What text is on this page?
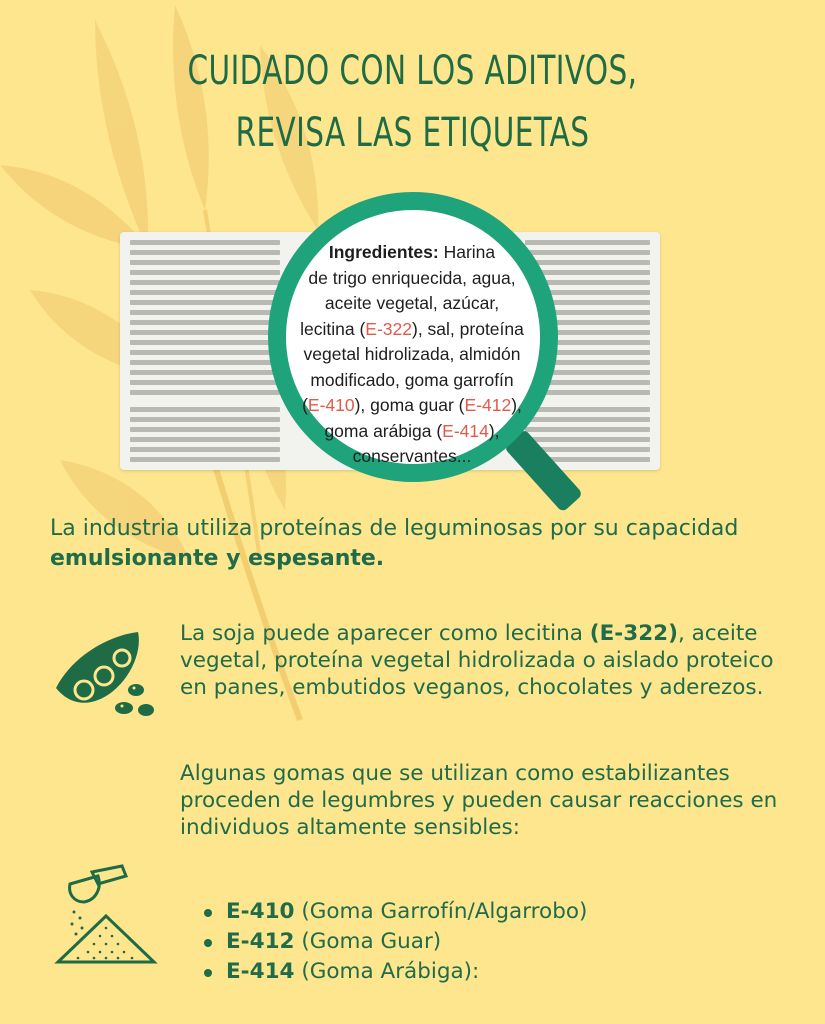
CUIDADO CON LOS ADITIVOS,
REVISA LAS ETIQUETAS
Ingredientes: Harina
de trigo enriquecida, agua,
aceite vegetal, azúcar,
lecitina (E-322), sal, proteína
vegetal hidrolizada, almidón
modificado, goma garrofín
(E-410), goma guar (E-412),
goma arábiga (E-414),
conservantes...

La industria utiliza proteínas de leguminosas por su capacidad emulsionante y espesante.

La soja puede aparecer como lecitina (E-322), aceite vegetal, proteína vegetal hidrolizada o aislado proteico en panes, embutidos veganos, chocolates y aderezos.

Algunas gomas que se utilizan como estabilizantes proceden de legumbres y pueden causar reacciones en individuos altamente sensibles:

E-410 (Goma Garrofín/Algarrobo)
E-412 (Goma Guar)
E-414 (Goma Arábiga):
